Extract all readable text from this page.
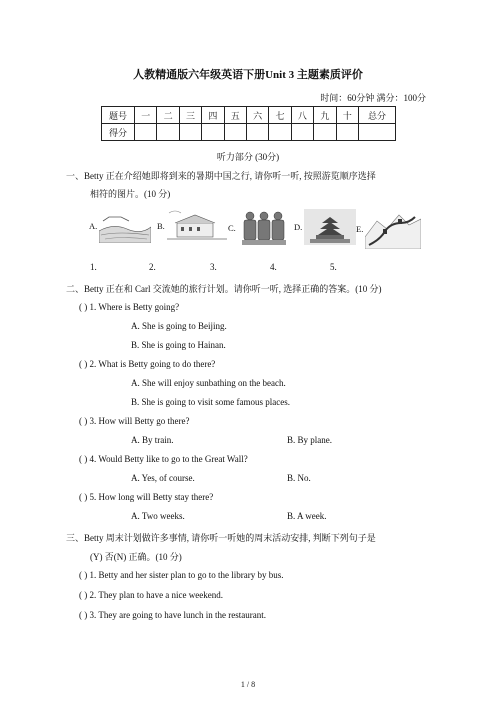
人教精通版六年级英语下册Unit 3 主题素质评价
时间：60分钟 满分：100分
题号	一	二	三	四	五	六	七	八	九	十	总分
得分											
听力部分 (30分)
一、Betty 正在介绍她即将到来的暑期中国之行, 请你听一听, 按照游览顺序选择
相符的图片。(10 分)
A.	B.	C.	D.	E.
1.	2.	3.	4.	5.
二、Betty 正在和 Carl 交流她的旅行计划。请你听一听, 选择正确的答案。(10 分)
( ) 1. Where is Betty going?
A. She is going to Beijing.
B. She is going to Hainan.
( ) 2. What is Betty going to do there?
A. She will enjoy sunbathing on the beach.
B. She is going to visit some famous places.
( ) 3. How will Betty go there?
A. By train.	B. By plane.
( ) 4. Would Betty like to go to the Great Wall?
A. Yes, of course.	B. No.
( ) 5. How long will Betty stay there?
A. Two weeks.	B. A week.
三、Betty 周末计划做许多事情, 请你听一听她的周末活动安排, 判断下列句子是
(Y) 否(N) 正确。(10 分)
( ) 1. Betty and her sister plan to go to the library by bus.
( ) 2. They plan to have a nice weekend.
( ) 3. They are going to have lunch in the restaurant.
1 / 8
